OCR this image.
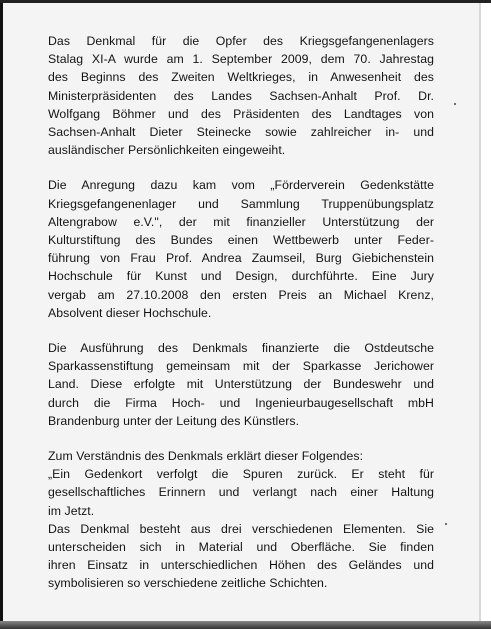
Das Denkmal für die Opfer des Kriegsgefangenenlagers
Stalag XI-A wurde am 1. September 2009, dem 70. Jahrestag
des Beginns des Zweiten Weltkrieges, in Anwesenheit des
Ministerpräsidenten des Landes Sachsen-Anhalt Prof. Dr.
Wolfgang Böhmer und des Präsidenten des Landtages von
Sachsen-Anhalt Dieter Steinecke sowie zahlreicher in- und
ausländischer Persönlichkeiten eingeweiht.
Die Anregung dazu kam vom „Förderverein Gedenkstätte
Kriegsgefangenenlager und Sammlung Truppenübungsplatz
Altengrabow e.V.", der mit finanzieller Unterstützung der
Kulturstiftung des Bundes einen Wettbewerb unter Feder-
führung von Frau Prof. Andrea Zaumseil, Burg Giebichenstein
Hochschule für Kunst und Design, durchführte. Eine Jury
vergab am 27.10.2008 den ersten Preis an Michael Krenz,
Absolvent dieser Hochschule.
Die Ausführung des Denkmals finanzierte die Ostdeutsche
Sparkassenstiftung gemeinsam mit der Sparkasse Jerichower
Land. Diese erfolgte mit Unterstützung der Bundeswehr und
durch die Firma Hoch- und Ingenieurbaugesellschaft mbH
Brandenburg unter der Leitung des Künstlers.
Zum Verständnis des Denkmals erklärt dieser Folgendes:
„Ein Gedenkort verfolgt die Spuren zurück. Er steht für
gesellschaftliches Erinnern und verlangt nach einer Haltung
im Jetzt.
Das Denkmal besteht aus drei verschiedenen Elementen. Sie
unterscheiden sich in Material und Oberfläche. Sie finden
ihren Einsatz in unterschiedlichen Höhen des Geländes und
symbolisieren so verschiedene zeitliche Schichten.
